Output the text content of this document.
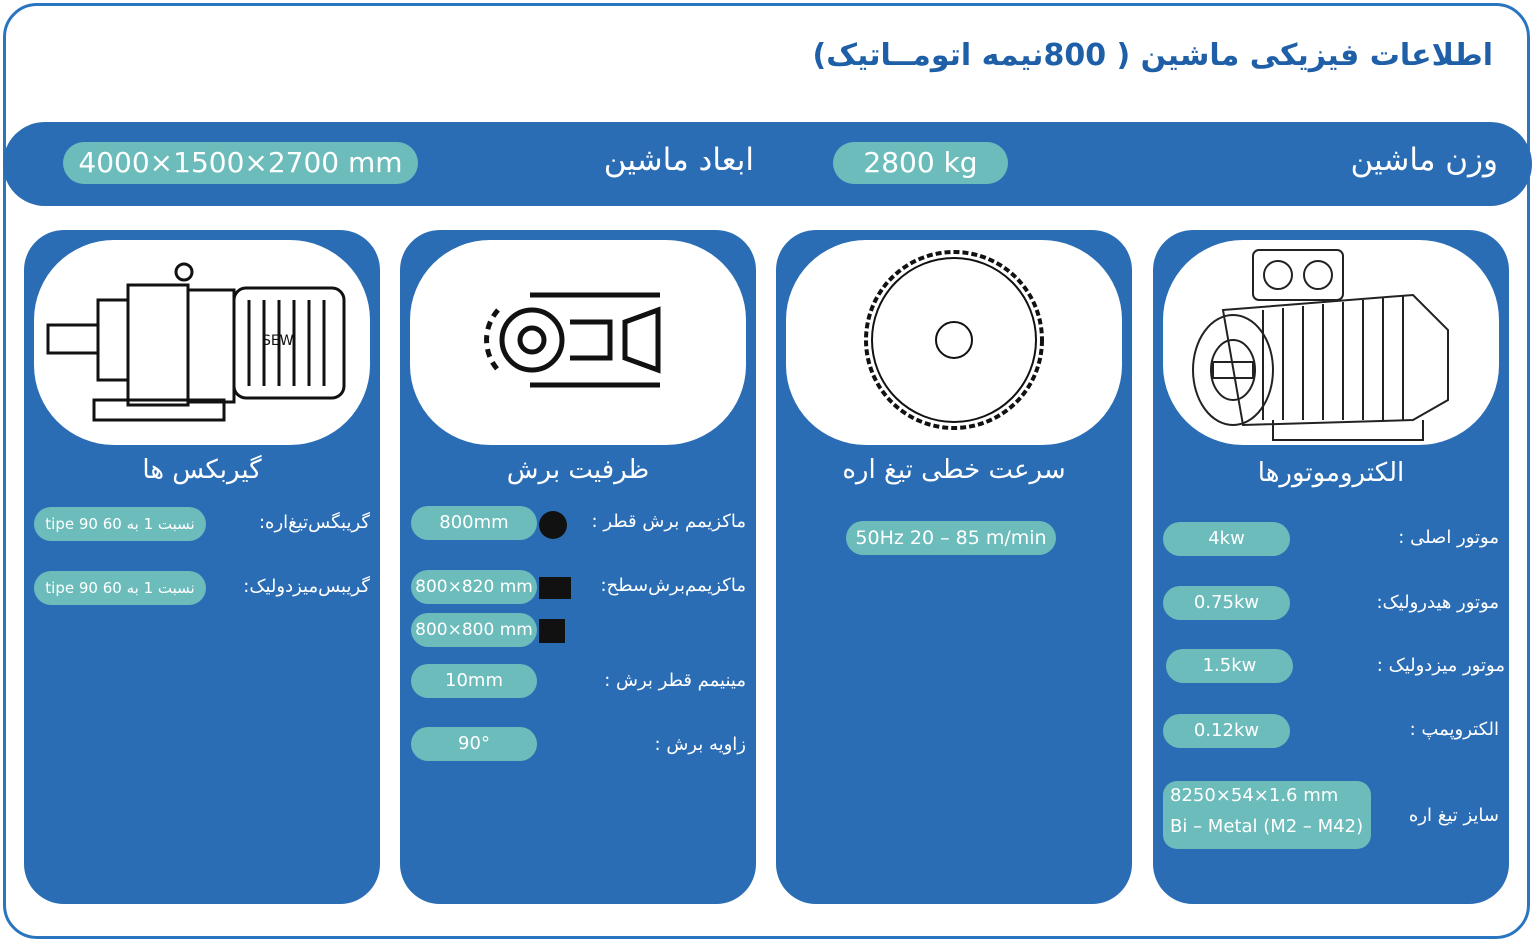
اطلاعات فیزیکی ماشین ( 800نیمه اتومــاتیک)
وزن ماشین
2800 kg
ابعاد ماشین
4000×1500×2700 mm
الکتروموتورها
موتور اصلی :
4kw
موتور هیدرولیک:
0.75kw
موتور میزدولیک :
1.5kw
الکتروپمپ :
0.12kw
سایز تیغ اره
8250×54×1.6 mm
Bi – Metal (M2 – M42)
سرعت خطی تیغ اره
50Hz 20 – 85 m/min
ظرفیت برش
ماکزیمم برش قطر :
800mm
ماکزیمم‌برش‌سطح:
800×820 mm
800×800 mm
مینیمم قطر برش :
10mm
زاویه برش :
90°
SEW
گیربکس ها
گریبگس‌تیغ‌اره:
tipe 90 نسبت 1 به 60
گریبس‌میزدولیک:
tipe 90 نسبت 1 به 60
